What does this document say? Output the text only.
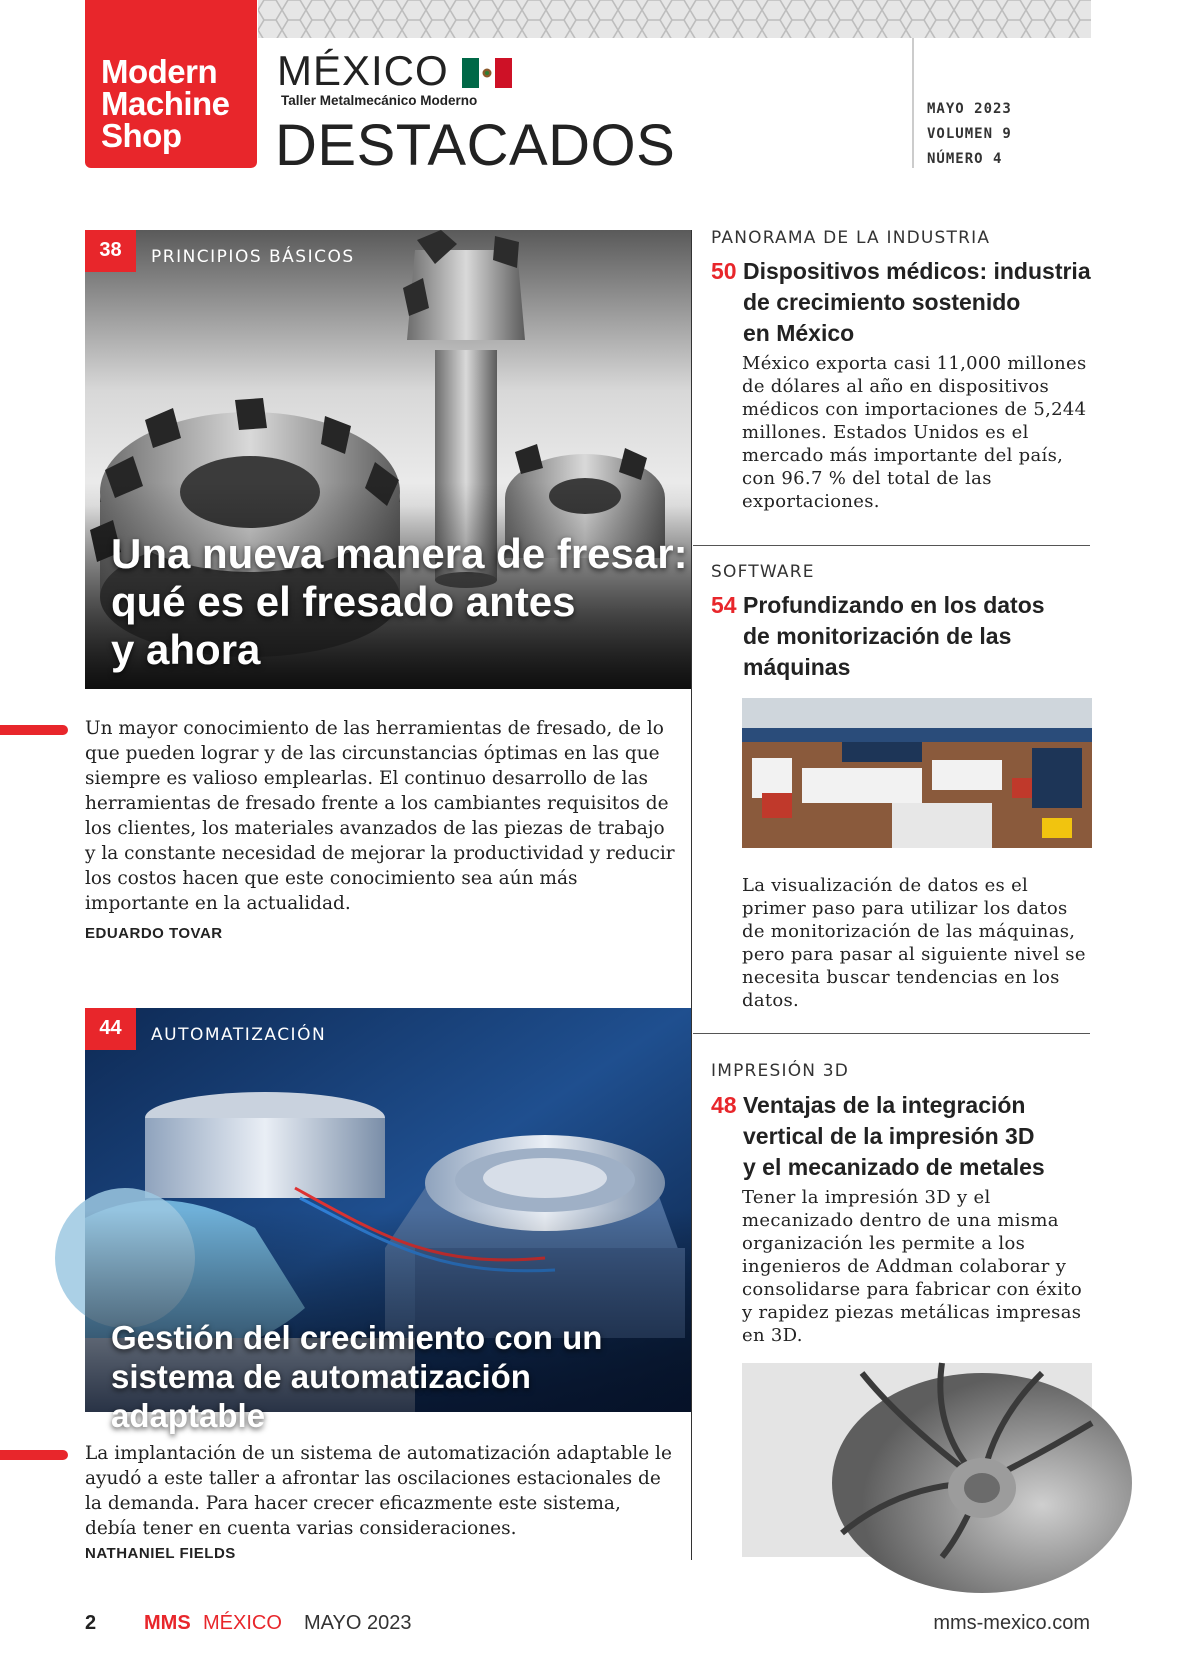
Modern
Machine
Shop
MÉXICO
Taller Metalmecánico Moderno
DESTACADOS
MAYO 2023
VOLUMEN 9
NÚMERO 4
38	PRINCIPIOS BÁSICOS
Una nueva manera de fresar:
qué es el fresado antes
y ahora
Un mayor conocimiento de las herramientas de fresado, de lo que pueden lograr y de las circunstancias óptimas en las que siempre es valioso emplearlas. El continuo desarrollo de las herramientas de fresado frente a los cambiantes requisitos de los clientes, los materiales avanzados de las piezas de trabajo y la constante necesidad de mejorar la productividad y reducir los costos hacen que este conocimiento sea aún más importante en la actualidad.
EDUARDO TOVAR
44	AUTOMATIZACIÓN
Gestión del crecimiento con un
sistema de automatización adaptable
La implantación de un sistema de automatización adaptable le ayudó a este taller a afrontar las oscilaciones estacionales de la demanda. Para hacer crecer eficazmente este sistema, debía tener en cuenta varias consideraciones.
NATHANIEL FIELDS
PANORAMA DE LA INDUSTRIA
50 Dispositivos médicos: industria
de crecimiento sostenido
en México
México exporta casi 11,000 millones de dólares al año en dispositivos médicos con importaciones de 5,244 millones. Estados Unidos es el mercado más importante del país, con 96.7 % del total de las exportaciones.
SOFTWARE
54 Profundizando en los datos
de monitorización de las
máquinas
La visualización de datos es el primer paso para utilizar los datos de monitorización de las máquinas, pero para pasar al siguiente nivel se necesita buscar tendencias en los datos.
IMPRESIÓN 3D
48 Ventajas de la integración
vertical de la impresión 3D
y el mecanizado de metales
Tener la impresión 3D y el mecanizado dentro de una misma organización les permite a los ingenieros de Addman colaborar y consolidarse para fabricar con éxito y rapidez piezas metálicas impresas en 3D.
2 MMS MÉXICO MAYO 2023	mms-mexico.com
